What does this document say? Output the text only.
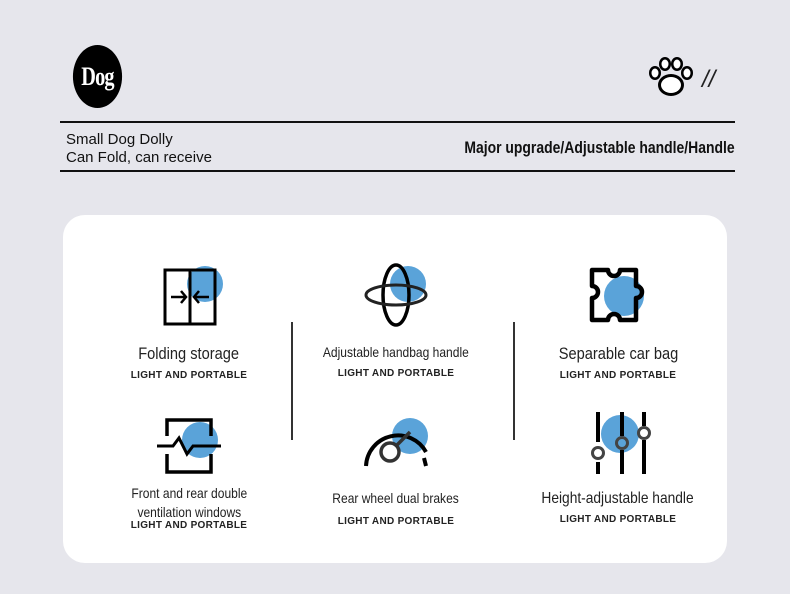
Dog	//
Small Dog Dolly
Can Fold, can receive
Major upgrade/Adjustable handle/Handle
Folding storage
LIGHT AND PORTABLE
Adjustable handbag handle
LIGHT AND PORTABLE
Separable car bag
LIGHT AND PORTABLE
Front and rear double
ventilation windows
LIGHT AND PORTABLE
Rear wheel dual brakes
LIGHT AND PORTABLE
Height-adjustable handle
LIGHT AND PORTABLE
